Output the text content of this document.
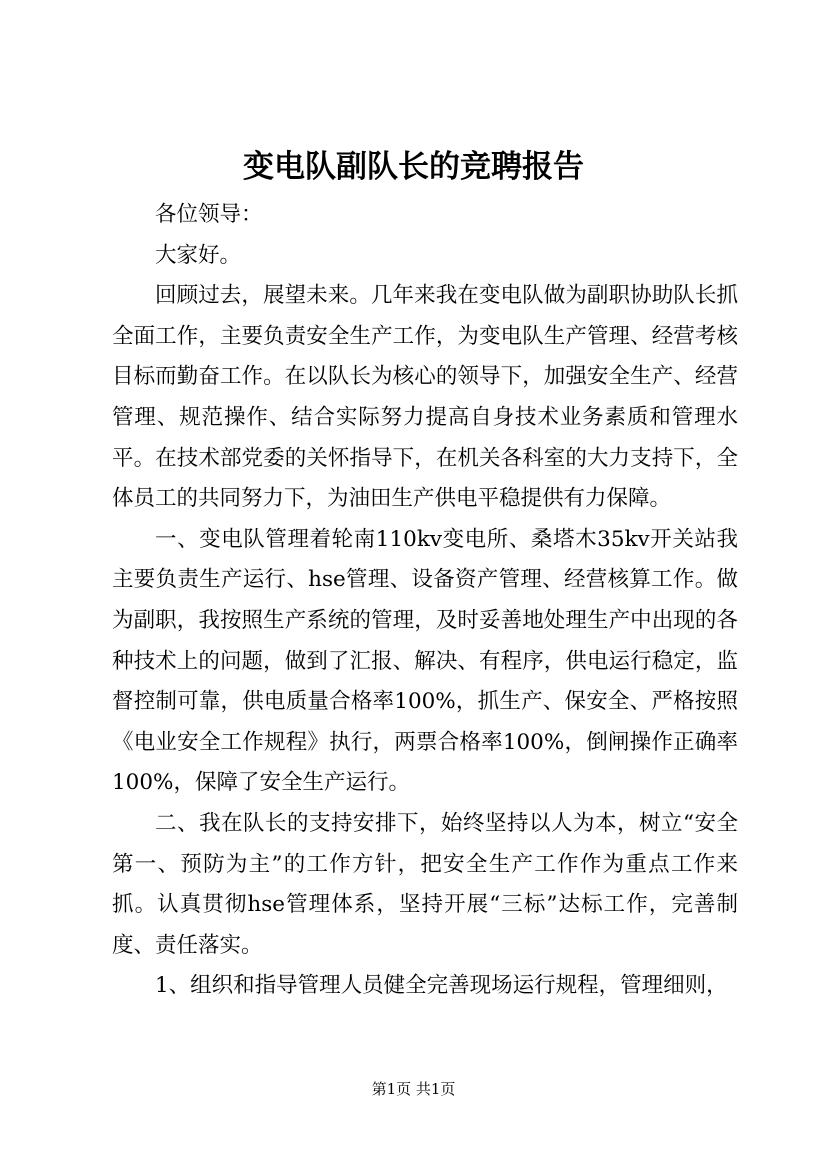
变电队副队长的竞聘报告

各位领导：

大家好。

回顾过去，展望未来。几年来我在变电队做为副职协助队长抓全面工作，主要负责安全生产工作，为变电队生产管理、经营考核目标而勤奋工作。在以队长为核心的领导下，加强安全生产、经营管理、规范操作、结合实际努力提高自身技术业务素质和管理水平。在技术部党委的关怀指导下，在机关各科室的大力支持下，全体员工的共同努力下，为油田生产供电平稳提供有力保障。

一、变电队管理着轮南110kv变电所、桑塔木35kv开关站我主要负责生产运行、hse管理、设备资产管理、经营核算工作。做为副职，我按照生产系统的管理，及时妥善地处理生产中出现的各种技术上的问题，做到了汇报、解决、有程序，供电运行稳定，监督控制可靠，供电质量合格率100%，抓生产、保安全、严格按照《电业安全工作规程》执行，两票合格率100%，倒闸操作正确率100%，保障了安全生产运行。

二、我在队长的支持安排下，始终坚持以人为本，树立“安全第一、预防为主”的工作方针，把安全生产工作作为重点工作来抓。认真贯彻hse管理体系，坚持开展“三标”达标工作，完善制度、责任落实。

1、组织和指导管理人员健全完善现场运行规程，管理细则，

第1页 共1页
